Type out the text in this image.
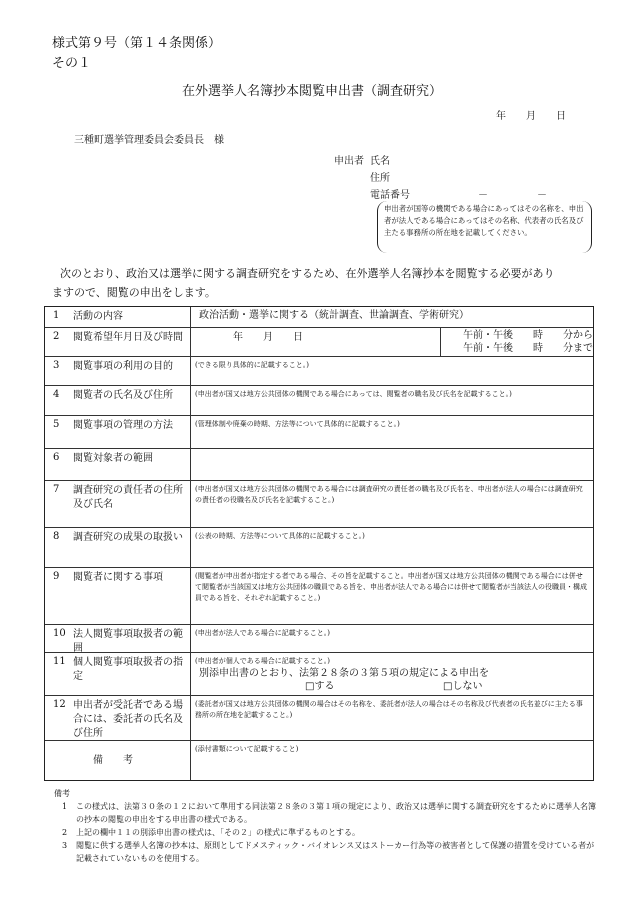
様式第９号（第１４条関係）
その１
在外選挙人名簿抄本閲覧申出書（調査研究）
年　　月　　日
三種町選挙管理委員会委員長　様
申出者 氏名
住所
電話番号	－	－
申出者が国等の機関である場合にあってはその名称を、申出者が法人である場合にあってはその名称、代表者の氏名及び主たる事務所の所在地を記載してください。
次のとおり、政治又は選挙に関する調査研究をするため、在外選挙人名簿抄本を閲覧する必要があり
ますので、閲覧の申出をします。
1	活動の内容	政治活動・選挙に関する（統計調査、世論調査、学術研究）
2	閲覧希望年月日及び時間	年　　月　　日	午前・午後　　時　　分から
午前・午後　　時　　分まで
3	閲覧事項の利用の目的	(できる限り具体的に記載すること。)
4	閲覧者の氏名及び住所	(申出者が国又は地方公共団体の機関である場合にあっては、閲覧者の職名及び氏名を記載すること。)
5	閲覧事項の管理の方法	(管理体制や廃棄の時期、方法等について具体的に記載すること。)
6	閲覧対象者の範囲
7	調査研究の責任者の住所及び氏名
(申出者が国又は地方公共団体の機関である場合には調査研究の責任者の職名及び氏名を、申出者が法人の場合には調査研究の責任者の役職名及び氏名を記載すること。)
8	調査研究の成果の取扱い	(公表の時期、方法等について具体的に記載すること。)
9	閲覧者に関する事項	(閲覧者が申出者が指定する者である場合、その旨を記載すること。申出者が国又は地方公共団体の機関である場合には併せて閲覧者が当該国又は地方公共団体の職員である旨を、申出者が法人である場合には併せて閲覧者が当該法人の役職員・構成員である旨を、それぞれ記載すること。)
10 法人閲覧事項取扱者の範囲
(申出者が法人である場合に記載すること。)
11 個人閲覧事項取扱者の指定
(申出者が個人である場合に記載すること。)
別添申出書のとおり、法第２８条の３第５項の規定による申出を
□する	□しない
12 申出者が受託者である場合には、委託者の氏名及び住所
(委託者が国又は地方公共団体の機関の場合はその名称を、委託者が法人の場合はその名称及び代表者の氏名並びに主たる事務所の所在地を記載すること。)
備　　考
(添付書類について記載すること)
備考
1 この様式は、法第３０条の１２において準用する同法第２８条の３第１項の規定により、政治又は選挙に関する調査研究をするために選挙人名簿の抄本の閲覧の申出をする申出書の様式である。
2 上記の欄中１１の別添申出書の様式は、「その２」の様式に準ずるものとする。
3 閲覧に供する選挙人名簿の抄本は、原則としてドメスティック・バイオレンス又はストーカー行為等の被害者として保護の措置を受けている者が記載されていないものを使用する。
